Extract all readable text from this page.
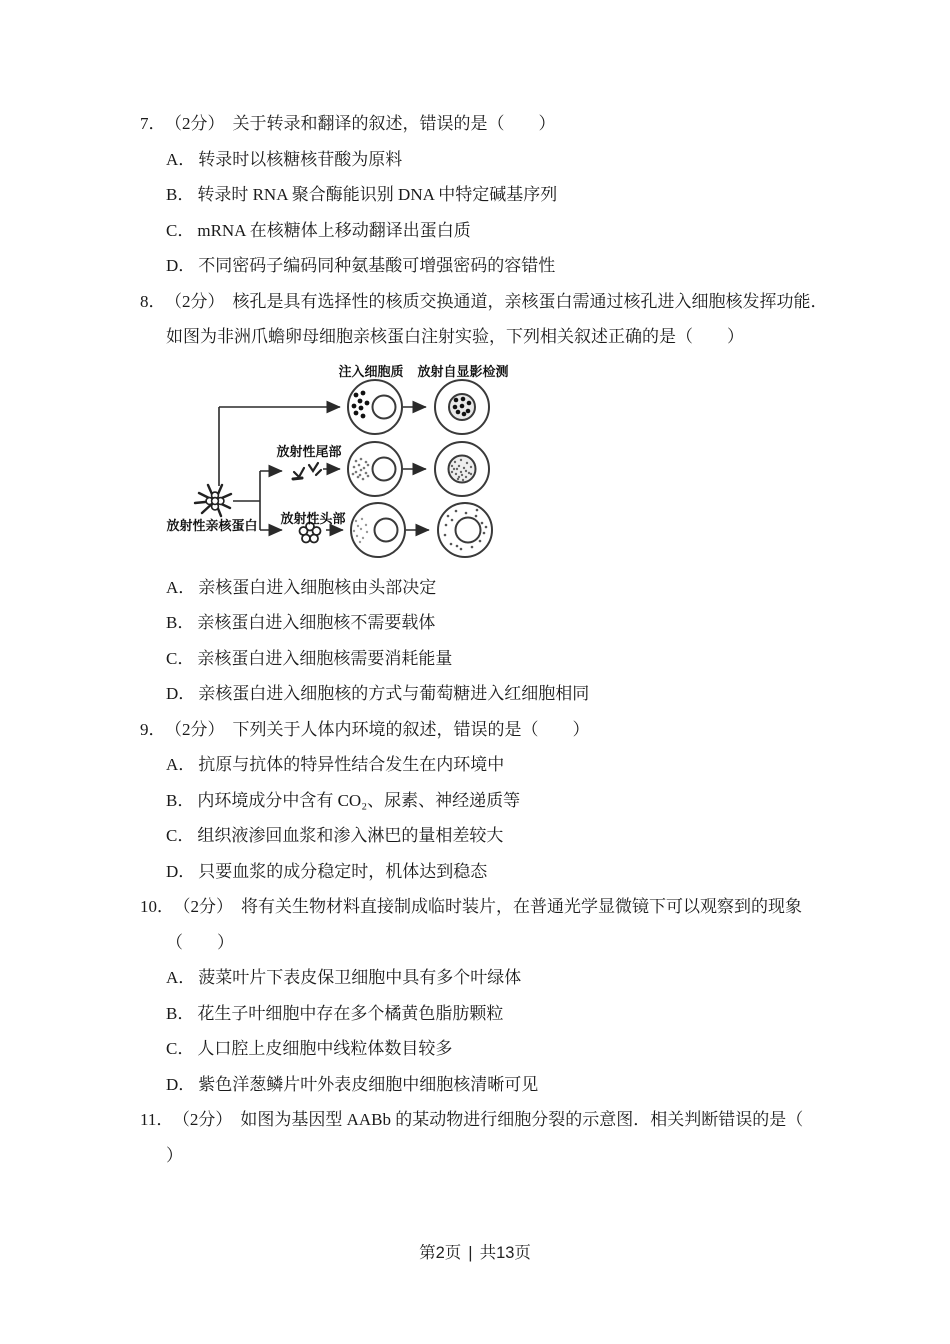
7． （2分） 关于转录和翻译的叙述，错误的是（　　）
A． 转录时以核糖核苷酸为原料
B． 转录时 RNA 聚合酶能识别 DNA 中特定碱基序列
C． mRNA 在核糖体上移动翻译出蛋白质
D． 不同密码子编码同种氨基酸可增强密码的容错性
8． （2分） 核孔是具有选择性的核质交换通道，亲核蛋白需通过核孔进入细胞核发挥功能．
如图为非洲爪蟾卵母细胞亲核蛋白注射实验，下列相关叙述正确的是（　　）
注入细胞质 放射自显影检测
放射性尾部
放射性头部
放射性亲核蛋白
A． 亲核蛋白进入细胞核由头部决定
B． 亲核蛋白进入细胞核不需要载体
C． 亲核蛋白进入细胞核需要消耗能量
D． 亲核蛋白进入细胞核的方式与葡萄糖进入红细胞相同
9． （2分） 下列关于人体内环境的叙述，错误的是（　　）
A． 抗原与抗体的特异性结合发生在内环境中
B． 内环境成分中含有 CO₂、尿素、神经递质等
C． 组织液渗回血浆和渗入淋巴的量相差较大
D． 只要血浆的成分稳定时，机体达到稳态
10． （2分） 将有关生物材料直接制成临时装片，在普通光学显微镜下可以观察到的现象
（　　）
A． 菠菜叶片下表皮保卫细胞中具有多个叶绿体
B． 花生子叶细胞中存在多个橘黄色脂肪颗粒
C． 人口腔上皮细胞中线粒体数目较多
D． 紫色洋葱鳞片叶外表皮细胞中细胞核清晰可见
11． （2分） 如图为基因型 AABb 的某动物进行细胞分裂的示意图．相关判断错误的是（
）
第2页 | 共13页
